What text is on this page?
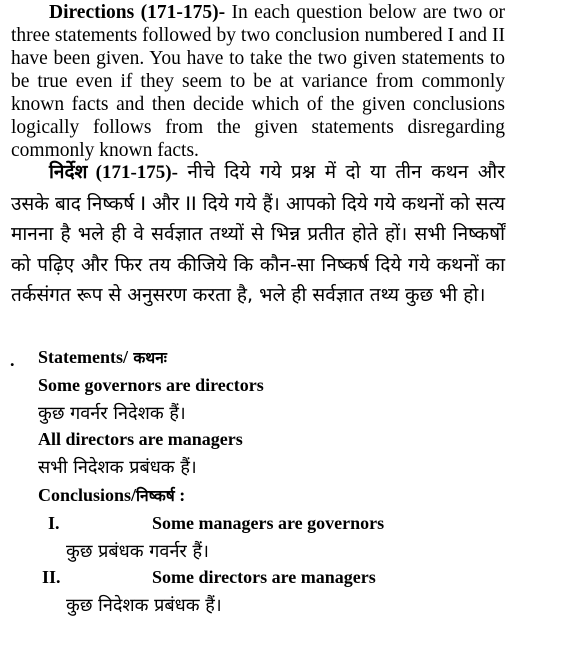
Directions (171-175)- In each question below are two or three statements followed by two conclusion numbered I and II have been given. You have to take the two given statements to be true even if they seem to be at variance from commonly known facts and then decide which of the given conclusions logically follows from the given statements disregarding commonly known facts.

निर्देश (171-175)- नीचे दिये गये प्रश्न में दो या तीन कथन और उसके बाद निष्कर्ष I और II दिये गये हैं। आपको दिये गये कथनों को सत्य मानना है भले ही वे सर्वज्ञात तथ्यों से भिन्न प्रतीत होते हों। सभी निष्कर्षों को पढ़िए और फिर तय कीजिये कि कौन-सा निष्कर्ष दिये गये कथनों का तर्कसंगत रूप से अनुसरण करता है, भले ही सर्वज्ञात तथ्य कुछ भी हो।

. Statements/ कथनः

Some governors are directors

कुछ गवर्नर निदेशक हैं।

All directors are managers

सभी निदेशक प्रबंधक हैं।

Conclusions/निष्कर्ष :

I.	Some managers are governors

कुछ प्रबंधक गवर्नर हैं।

II.	Some directors are managers

कुछ निदेशक प्रबंधक हैं।
